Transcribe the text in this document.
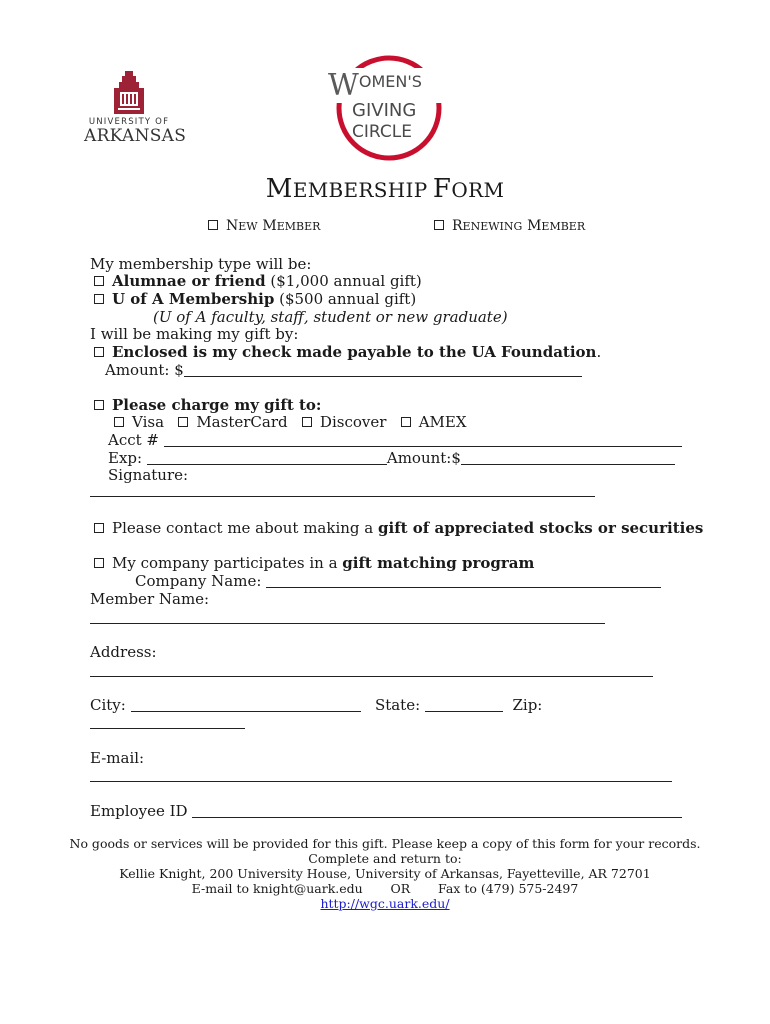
UNIVERSITY OF
ARKANSAS
WOMEN'S
GIVING
CIRCLE
MEMBERSHIP FORM
NEW MEMBER	RENEWING MEMBER
My membership type will be:
Alumnae or friend ($1,000 annual gift)
U of A Membership ($500 annual gift)
(U of A faculty, staff, student or new graduate)
I will be making my gift by:
Enclosed is my check made payable to the UA Foundation.
Amount: $
Please charge my gift to:
Visa MasterCard Discover AMEX
Acct #
Exp:	Amount:$
Signature:
Please contact me about making a gift of appreciated stocks or securities
My company participates in a gift matching program
Company Name:
Member Name:
Address:
City:	State:	Zip:
E-mail:
Employee ID
No goods or services will be provided for this gift. Please keep a copy of this form for your records.
Complete and return to:
Kellie Knight, 200 University House, University of Arkansas, Fayetteville, AR 72701
E-mail to knight@uark.edu OR Fax to (479) 575-2497
http://wgc.uark.edu/
